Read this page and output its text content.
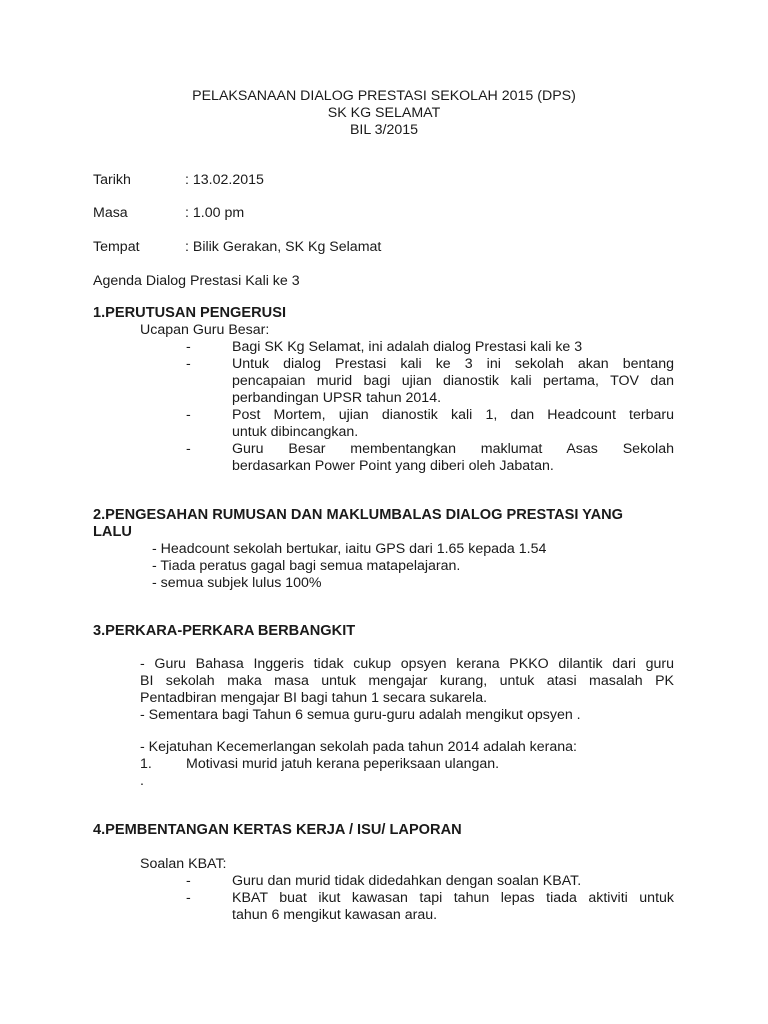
PELAKSANAAN DIALOG PRESTASI SEKOLAH 2015 (DPS)
SK KG SELAMAT
BIL 3/2015
Tarikh	: 13.02.2015
Masa	: 1.00 pm
Tempat	: Bilik Gerakan, SK Kg Selamat
Agenda Dialog Prestasi Kali ke 3
1.PERUTUSAN PENGERUSI
Ucapan Guru Besar:
-	Bagi SK Kg Selamat, ini adalah dialog Prestasi kali ke 3
-	Untuk dialog Prestasi kali ke 3 ini sekolah akan bentang
pencapaian murid bagi ujian dianostik kali pertama, TOV dan
perbandingan UPSR tahun 2014.
-	Post Mortem, ujian dianostik kali 1, dan Headcount terbaru
untuk dibincangkan.
-	Guru Besar membentangkan maklumat Asas Sekolah
berdasarkan Power Point yang diberi oleh Jabatan.
2.PENGESAHAN RUMUSAN DAN MAKLUMBALAS DIALOG PRESTASI YANG
LALU
- Headcount sekolah bertukar, iaitu GPS dari 1.65 kepada 1.54
- Tiada peratus gagal bagi semua matapelajaran.
- semua subjek lulus 100%
3.PERKARA-PERKARA BERBANGKIT
- Guru Bahasa Inggeris tidak cukup opsyen kerana PKKO dilantik dari guru
BI sekolah maka masa untuk mengajar kurang, untuk atasi masalah PK
Pentadbiran mengajar BI bagi tahun 1 secara sukarela.
- Sementara bagi Tahun 6 semua guru-guru adalah mengikut opsyen .
- Kejatuhan Kecemerlangan sekolah pada tahun 2014 adalah kerana:
1. Motivasi murid jatuh kerana peperiksaan ulangan.
.
4.PEMBENTANGAN KERTAS KERJA / ISU/ LAPORAN
Soalan KBAT:
-	Guru dan murid tidak didedahkan dengan soalan KBAT.
-	KBAT buat ikut kawasan tapi tahun lepas tiada aktiviti untuk
tahun 6 mengikut kawasan arau.
